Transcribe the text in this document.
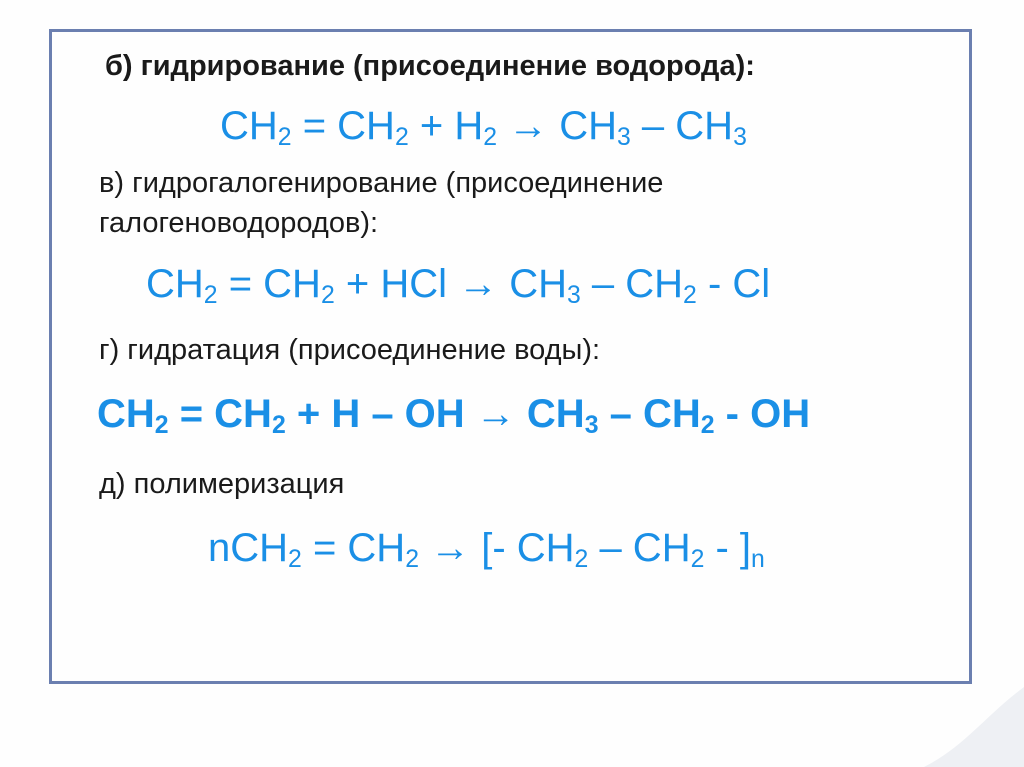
б) гидрирование (присоединение водорода):

$CH_2 = CH_2 + H_2 \to CH_3 - CH_3$

в) гидрогалогенирование (присоединение

галогеноводородов):

$CH_2 = CH_2$ + HCl → $CH_3 - CH_2$ - Cl

г) гидратация (присоединение воды):

$CH_2 = CH_2 + H$ – OH → $CH_3 - CH_2$ - OH

д) полимеризация

$nCH_2 = CH_2$ → [- $CH_2 - CH_2 - ]_n$
